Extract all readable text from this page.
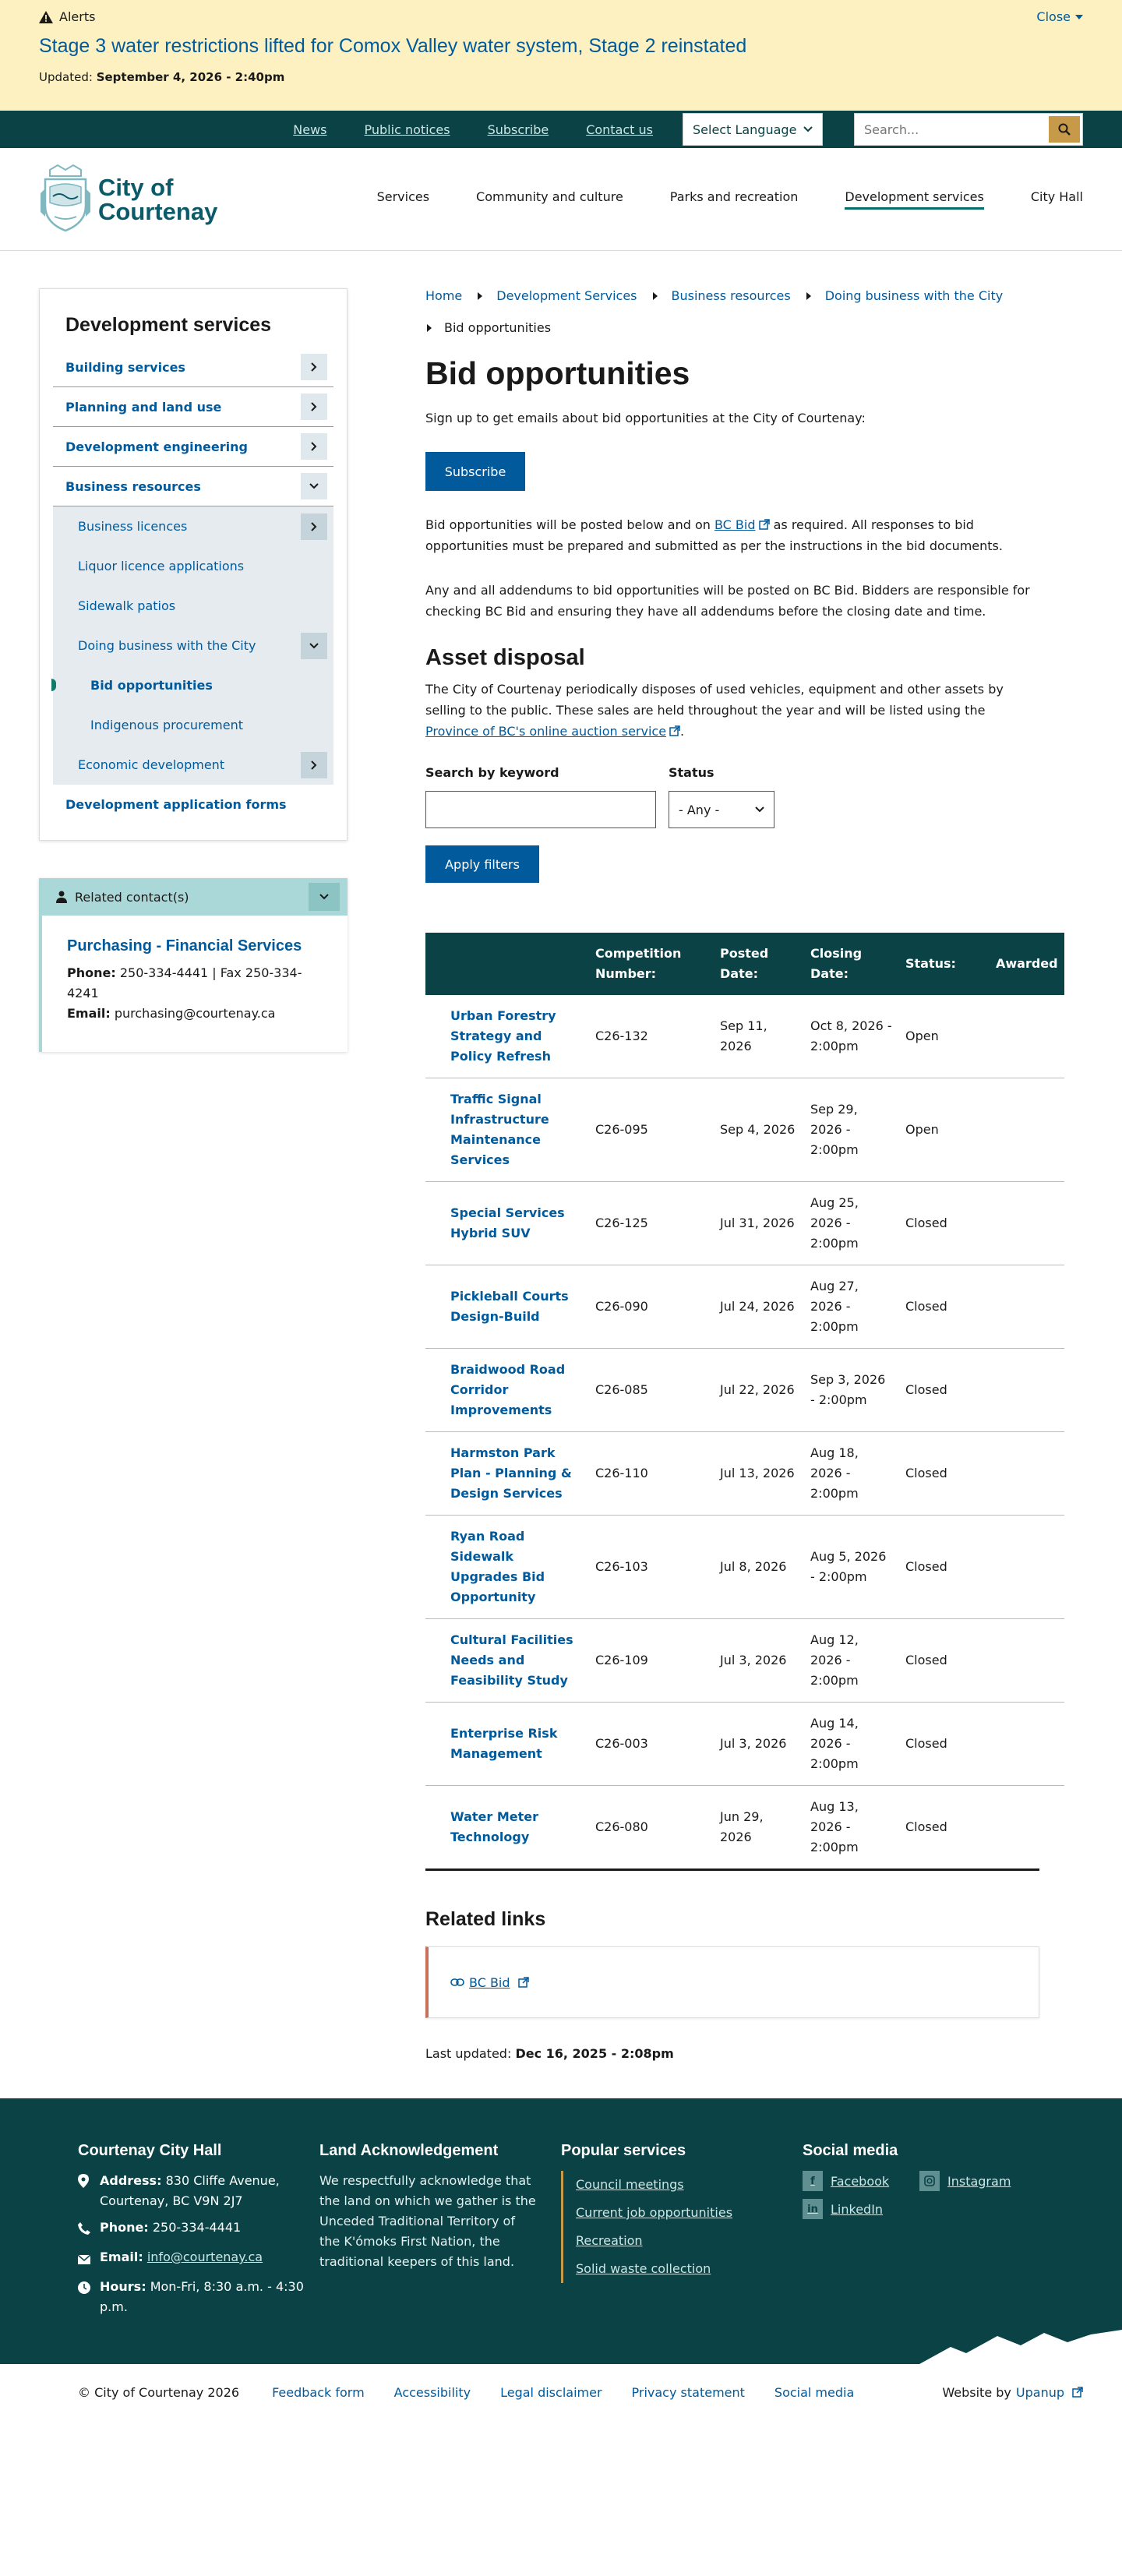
Alerts	Close
Stage 3 water restrictions lifted for Comox Valley water system, Stage 2 reinstated
Updated: September 4, 2026 - 2:40pm
News	Public notices	Subscribe	Contact us	Select Language
Search...
City of
Courtenay
Services	Community and culture	Parks and recreation	Development services	City Hall
Development services
Building services
Planning and land use
Development engineering
Business resources
Business licences
Liquor licence applications
Sidewalk patios
Doing business with the City
Bid opportunities
Indigenous procurement
Economic development
Development application forms
Related contact(s)
Purchasing - Financial Services
Phone: 250-334-4441 | Fax 250-334-4241
Email: purchasing@courtenay.ca
Home	Development Services	Business resources	Doing business with the City
Bid opportunities
Bid opportunities

Sign up to get emails about bid opportunities at the City of Courtenay:

Subscribe

Bid opportunities will be posted below and on BC Bid as required. All responses to bid opportunities must be prepared and submitted as per the instructions in the bid documents.

Any and all addendums to bid opportunities will be posted on BC Bid. Bidders are responsible for checking BC Bid and ensuring they have all addendums before the closing date and time.

Asset disposal

The City of Courtenay periodically disposes of used vehicles, equipment and other assets by selling to the public. These sales are held throughout the year and will be listed using the Province of BC's online auction service .

Search by keyword	Status
- Any -
Apply filters
	Competition Number:	Posted Date:	Closing Date:	Status:	Awarded
Urban Forestry Strategy and Policy Refresh	C26-132	Sep 11, 2026	Oct 8, 2026 - 2:00pm	Open	
Traffic Signal Infrastructure Maintenance Services	C26-095	Sep 4, 2026	Sep 29, 2026 - 2:00pm	Open	
Special Services Hybrid SUV	C26-125	Jul 31, 2026	Aug 25, 2026 - 2:00pm	Closed	
Pickleball Courts Design-Build	C26-090	Jul 24, 2026	Aug 27, 2026 - 2:00pm	Closed	
Braidwood Road Corridor Improvements	C26-085	Jul 22, 2026	Sep 3, 2026 - 2:00pm	Closed	
Harmston Park Plan - Planning & Design Services	C26-110	Jul 13, 2026	Aug 18, 2026 - 2:00pm	Closed	
Ryan Road Sidewalk Upgrades Bid Opportunity	C26-103	Jul 8, 2026	Aug 5, 2026 - 2:00pm	Closed	
Cultural Facilities Needs and Feasibility Study	C26-109	Jul 3, 2026	Aug 12, 2026 - 2:00pm	Closed	
Enterprise Risk Management	C26-003	Jul 3, 2026	Aug 14, 2026 - 2:00pm	Closed	
Water Meter Technology	C26-080	Jun 29, 2026	Aug 13, 2026 - 2:00pm	Closed	
Related links
BC Bid

Last updated: Dec 16, 2025 - 2:08pm

Courtenay City Hall
Address: 830 Cliffe Avenue, Courtenay, BC V9N 2J7
Phone: 250-334-4441
Email: info@courtenay.ca
Hours: Mon-Fri, 8:30 a.m. - 4:30 p.m.
Land Acknowledgement

We respectfully acknowledge that the land on which we gather is the Unceded Traditional Territory of the K'ómoks First Nation, the traditional keepers of this land.

Popular services
Council meetings
Current job opportunities
Recreation
Solid waste collection
Social media
f	Facebook	Instagram
in	LinkedIn
© City of Courtenay 2026	Feedback form Accessibility Legal disclaimer Privacy statement Social media	Website by Upanup
